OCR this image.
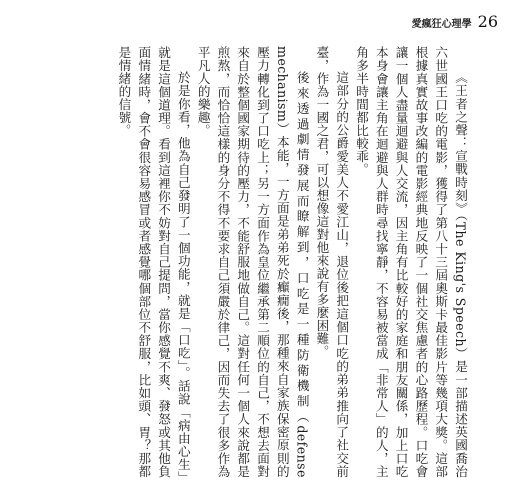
愛瘋狂心理學 26

《王者之聲：宣戰時刻》（The King's Speech）是一部描述英國喬治六世國王口吃的電影，獲得了第八十三屆奧斯卡最佳影片等幾項大獎。這部根據真實故事改編的電影經典地反映了一個社交焦慮者的心路歷程。口吃會讓一個人盡量迴避與人交流，因主角有比較好的家庭和朋友關係，加上口吃本身會讓主角在迴避與人群時尋找寧靜，不容易被當成「非常人」的人，主角多半時間都比較乖。

這部分的公爵愛美人不愛江山，退位後把這個口吃的弟弟推向了社交前臺，作為一國之君，可以想像這對他來說有多麼困難。

後來透過劇情發展而瞭解到，口吃是一種防衛機制（defense mechanism）本能，一方面是弟弟死於癲癇後，那種來自家族保密原則的壓力轉化到了口吃上；另一方面作為皇位繼承第二順位的自己，不想去面對來自於整個國家期待的壓力，不能舒服地做自己。這對任何一個人來說都是煎熬，而恰恰這樣的身分不得不要求自己須嚴於律己，因而失去了很多作為平凡人的樂趣。

於是你看，他為自己發明了一個功能，就是「口吃」。話說「病由心生」就是這個道理。看到這裡你不妨對自己提問，當你感覺不爽、發怒或其他負面情緒時，會不會很容易感冒或者感覺哪個部位不舒服，比如頭、胃？那都是情緒的信號。
